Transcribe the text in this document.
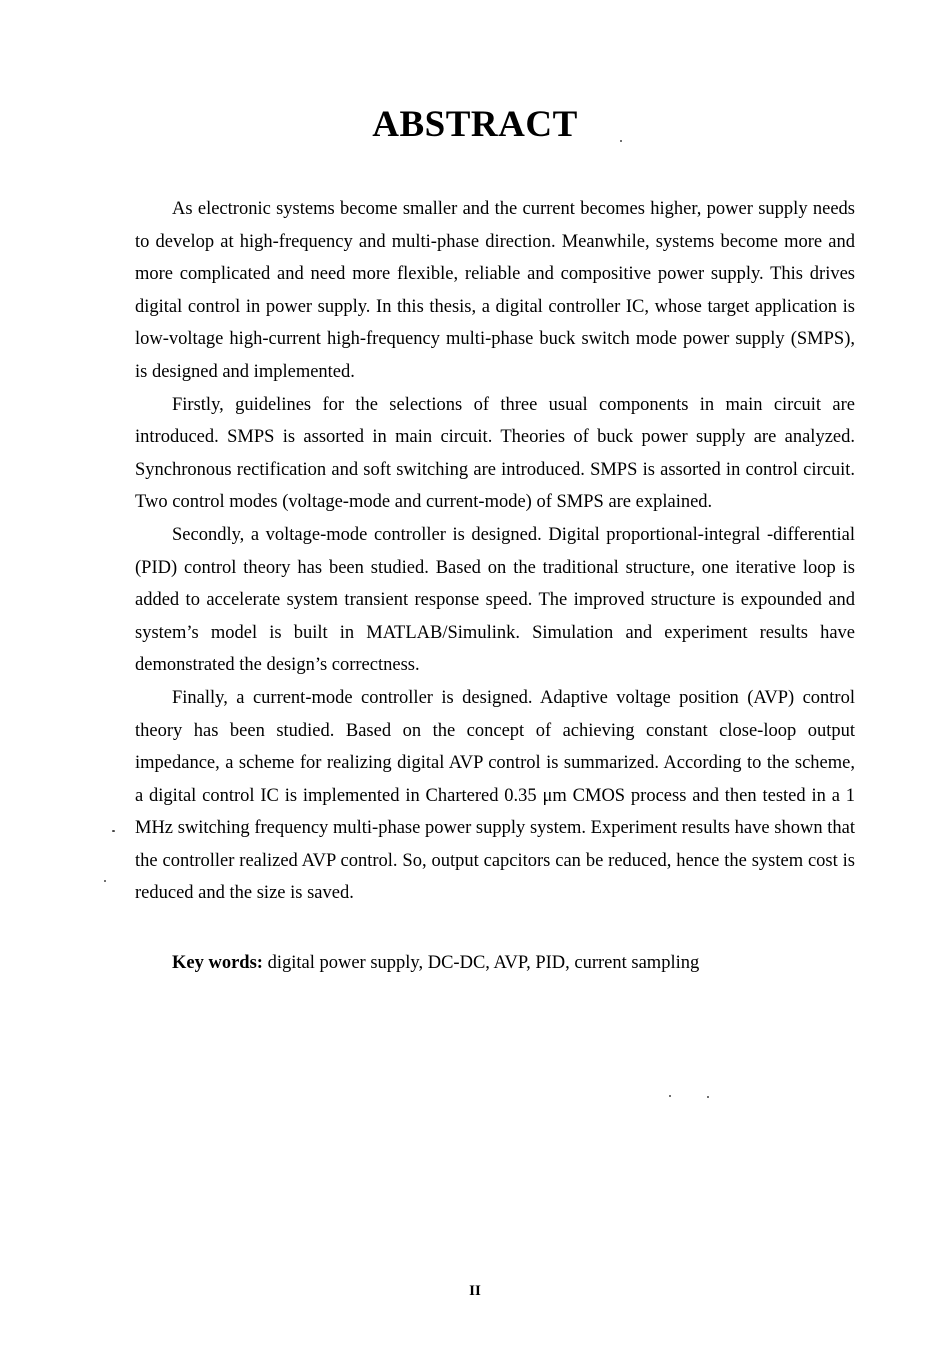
ABSTRACT

As electronic systems become smaller and the current becomes higher, power supply needs to develop at high-frequency and multi-phase direction. Meanwhile, systems become more and more complicated and need more flexible, reliable and compositive power supply. This drives digital control in power supply. In this thesis, a digital controller IC, whose target application is low-voltage high-current high-frequency multi-phase buck switch mode power supply (SMPS), is designed and implemented.

Firstly, guidelines for the selections of three usual components in main circuit are introduced. SMPS is assorted in main circuit. Theories of buck power supply are analyzed. Synchronous rectification and soft switching are introduced. SMPS is assorted in control circuit. Two control modes (voltage-mode and current-mode) of SMPS are explained.

Secondly, a voltage-mode controller is designed. Digital proportional-integral -differential (PID) control theory has been studied. Based on the traditional structure, one iterative loop is added to accelerate system transient response speed. The improved structure is expounded and system’s model is built in MATLAB/Simulink. Simulation and experiment results have demonstrated the design’s correctness.

Finally, a current-mode controller is designed. Adaptive voltage position (AVP) control theory has been studied. Based on the concept of achieving constant close-loop output impedance, a scheme for realizing digital AVP control is summarized. According to the scheme, a digital control IC is implemented in Chartered 0.35 μm CMOS process and then tested in a 1 MHz switching frequency multi-phase power supply system. Experiment results have shown that the controller realized AVP control. So, output capcitors can be reduced, hence the system cost is reduced and the size is saved.

Key words: digital power supply, DC-DC, AVP, PID, current sampling
II
